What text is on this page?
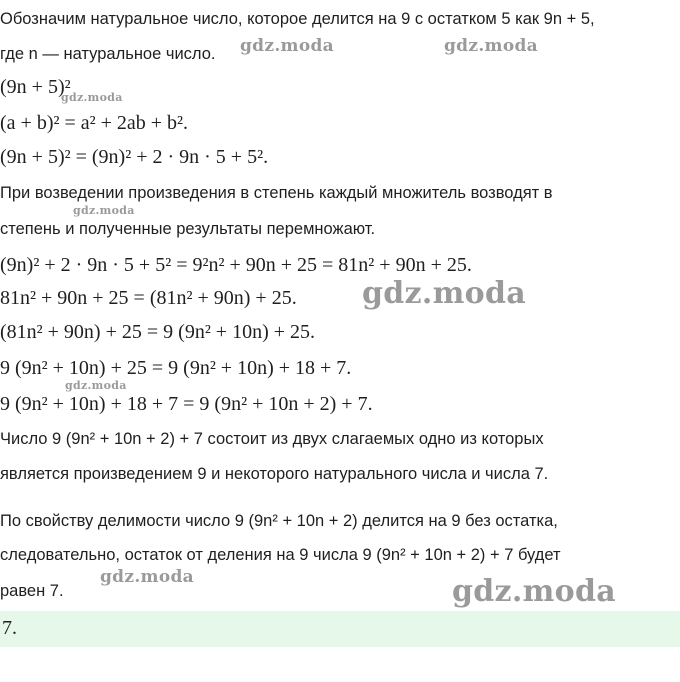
Обозначим натуральное число, которое делится на 9 с остатком 5 как 9n + 5,
где n — натуральное число.
(9n + 5)²
(a + b)² = a² + 2ab + b².
(9n + 5)² = (9n)² + 2 · 9n · 5 + 5².
При возведении произведения в степень каждый множитель возводят в
степень и полученные результаты перемножают.
(9n)² + 2 · 9n · 5 + 5² = 9²n² + 90n + 25 = 81n² + 90n + 25.
81n² + 90n + 25 = (81n² + 90n) + 25.
(81n² + 90n) + 25 = 9 (9n² + 10n) + 25.
9 (9n² + 10n) + 25 = 9 (9n² + 10n) + 18 + 7.
9 (9n² + 10n) + 18 + 7 = 9 (9n² + 10n + 2) + 7.
Число 9 (9n² + 10n + 2) + 7 состоит из двух слагаемых одно из которых
является произведением 9 и некоторого натурального числа и числа 7.
По свойству делимости число 9 (9n² + 10n + 2) делится на 9 без остатка,
следовательно, остаток от деления на 9 числа 9 (9n² + 10n + 2) + 7 будет
равен 7.
7.
gdz.moda	gdz.moda
gdz.moda
gdz.moda
gdz.moda
gdz.moda
gdz.moda	gdz.moda
